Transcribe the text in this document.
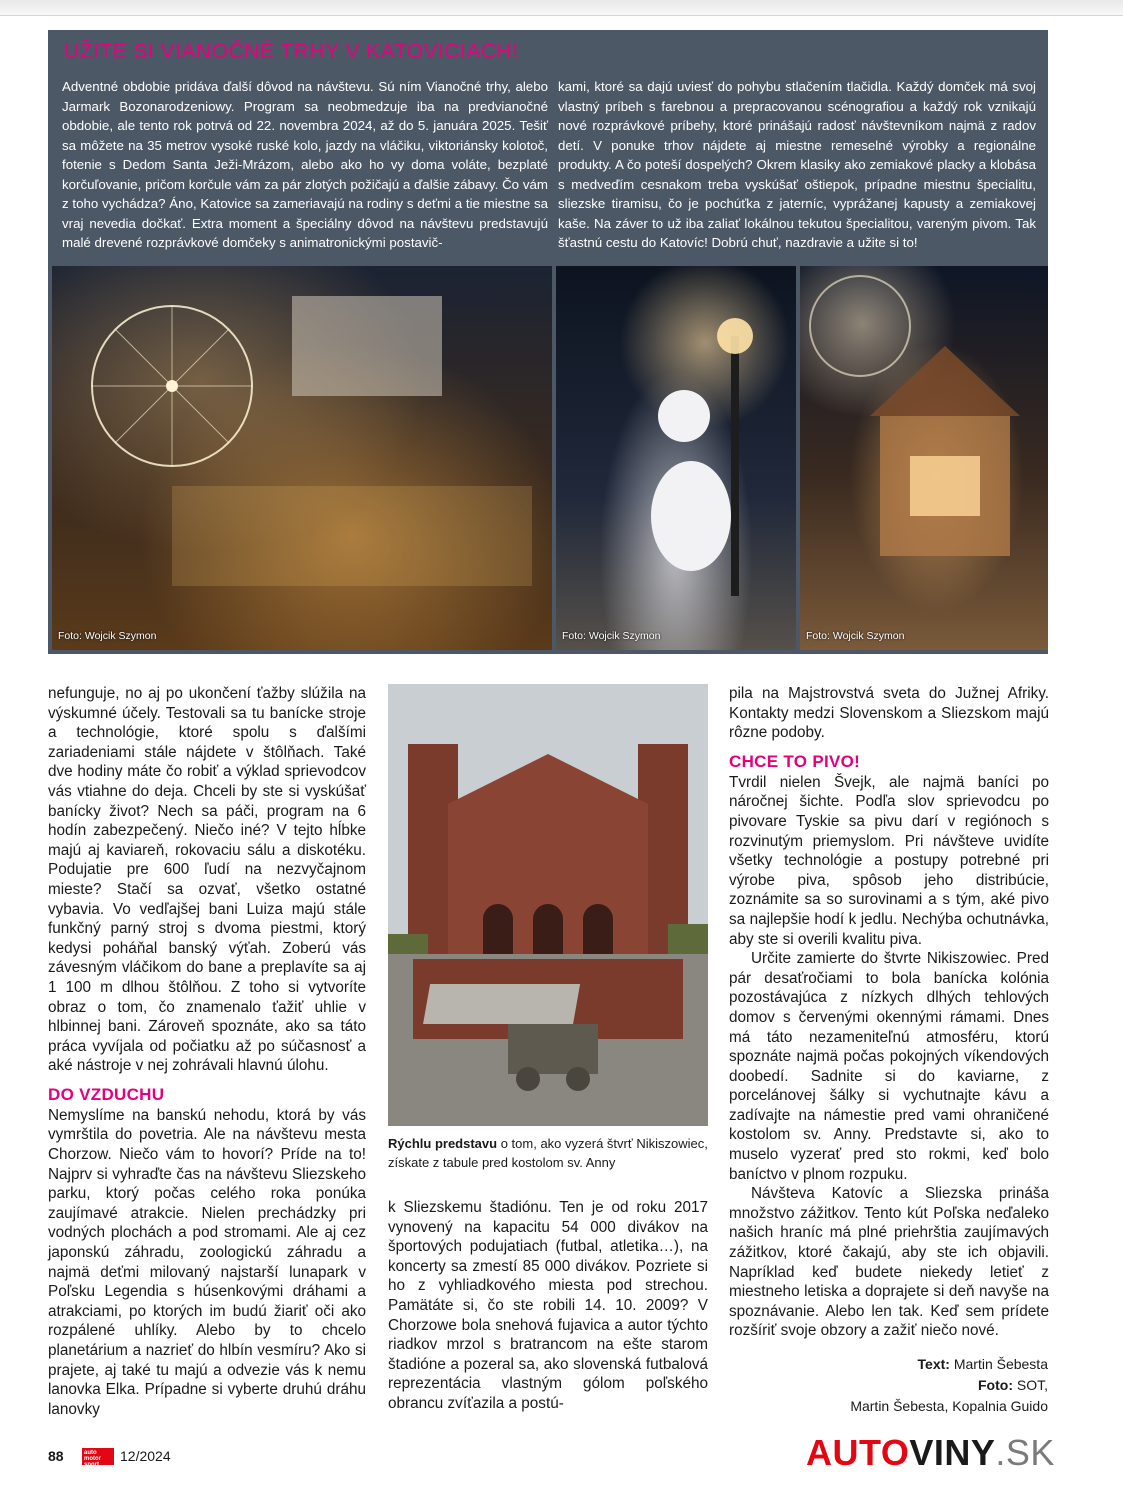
UŽITE SI VIANOČNÉ TRHY V KATOVICIACH!
Adventné obdobie pridáva ďalší dôvod na návštevu. Sú ním Vianočné trhy, alebo Jarmark Bozonarodzeniowy. Program sa neobmedzuje iba na predvianočné obdobie, ale tento rok potrvá od 22. novembra 2024, až do 5. januára 2025. Tešiť sa môžete na 35 metrov vysoké ruské kolo, jazdy na vláčiku, viktoriánsky kolotoč, fotenie s Dedom Santa Ježi-Mrázom, alebo ako ho vy doma voláte, bezplaté korčuľovanie, pričom korčule vám za pár zlotých požičajú a ďalšie zábavy. Čo vám z toho vychádza? Áno, Katovice sa zameriavajú na rodiny s deťmi a tie miestne sa vraj nevedia dočkať. Extra moment a špeciálny dôvod na návštevu predstavujú malé drevené rozprávkové domčeky s animatronickými postavič-
kami, ktoré sa dajú uviesť do pohybu stlačením tlačidla. Každý domček má svoj vlastný príbeh s farebnou a prepracovanou scénografiou a každý rok vznikajú nové rozprávkové príbehy, ktoré prinášajú radosť návštevníkom najmä z radov detí. V ponuke trhov nájdete aj miestne remeselné výrobky a regionálne produkty. A čo poteší dospelých? Okrem klasiky ako zemiakové placky a klobása s medveďím cesnakom treba vyskúšať oštiepok, prípadne miestnu špecialitu, sliezske tiramisu, čo je pochúťka z jaterníc, vyprážanej kapusty a zemiakovej kaše. Na záver to už iba zaliať lokálnou tekutou špecialitou, vareným pivom. Tak šťastnú cestu do Katovíc! Dobrú chuť, nazdravie a užite si to!
Foto: Wojcik Szymon	Foto: Wojcik Szymon	Foto: Wojcik Szymon

nefunguje, no aj po ukončení ťažby slúžila na výskumné účely. Testovali sa tu banícke stroje a technológie, ktoré spolu s ďalšími zariadeniami stále nájdete v štôlňach. Také dve hodiny máte čo robiť a výklad sprievodcov vás vtiahne do deja. Chceli by ste si vyskúšať banícky život? Nech sa páči, program na 6 hodín zabezpečený. Niečo iné? V tejto hĺbke majú aj kaviareň, rokovaciu sálu a diskotéku. Podujatie pre 600 ľudí na nezvyčajnom mieste? Stačí sa ozvať, všetko ostatné vybavia. Vo vedľajšej bani Luiza majú stále funkčný parný stroj s dvoma piestmi, ktorý kedysi poháňal banský výťah. Zoberú vás závesným vláčikom do bane a preplavíte sa aj 1 100 m dlhou štôlňou. Z toho si vytvoríte obraz o tom, čo znamenalo ťažiť uhlie v hlbinnej bani. Zároveň spoznáte, ako sa táto práca vyvíjala od počiatku až po súčasnosť a aké nástroje v nej zohrávali hlavnú úlohu.

DO VZDUCHU

Nemyslíme na banskú nehodu, ktorá by vás vymrštila do povetria. Ale na návštevu mesta Chorzow. Niečo vám to hovorí? Príde na to! Najprv si vyhraďte čas na návštevu Sliezskeho parku, ktorý počas celého roka ponúka zaujímavé atrakcie. Nielen prechádzky pri vodných plochách a pod stromami. Ale aj cez japonskú záhradu, zoologickú záhradu a najmä deťmi milovaný najstarší lunapark v Poľsku Legendia s húsenkovými dráhami a atrakciami, po ktorých im budú žiariť oči ako rozpálené uhlíky. Alebo by to chcelo planetárium a nazrieť do hlbín vesmíru? Ako si prajete, aj také tu majú a odvezie vás k nemu lanovka Elka. Prípadne si vyberte druhú dráhu lanovky

Rýchlu predstavu o tom, ako vyzerá štvrť Nikiszowiec, získate z tabule pred kostolom sv. Anny

k Sliezskemu štadiónu. Ten je od roku 2017 vynovený na kapacitu 54 000 divákov na športových podujatiach (futbal, atletika…), na koncerty sa zmestí 85 000 divákov. Pozriete si ho z vyhliadkového miesta pod strechou. Pamätáte si, čo ste robili 14. 10. 2009? V Chorzowe bola snehová fujavica a autor týchto riadkov mrzol s bratrancom na ešte starom štadióne a pozeral sa, ako slovenská futbalová reprezentácia vlastným gólom poľského obrancu zvíťazila a postú-

pila na Majstrovstvá sveta do Južnej Afriky. Kontakty medzi Slovenskom a Sliezskom majú rôzne podoby.

CHCE TO PIVO!

Tvrdil nielen Švejk, ale najmä baníci po náročnej šichte. Podľa slov sprievodcu po pivovare Tyskie sa pivu darí v regiónoch s rozvinutým priemyslom. Pri návšteve uvidíte všetky technológie a postupy potrebné pri výrobe piva, spôsob jeho distribúcie, zoznámite sa so surovinami a s tým, aké pivo sa najlepšie hodí k jedlu. Nechýba ochutnávka, aby ste si overili kvalitu piva.

Určite zamierte do štvrte Nikiszowiec. Pred pár desaťročiami to bola banícka kolónia pozostávajúca z nízkych dlhých tehlových domov s červenými okennými rámami. Dnes má táto nezameniteľnú atmosféru, ktorú spoznáte najmä počas pokojných víkendových doobedí. Sadnite si do kaviarne, z porcelánovej šálky si vychutnajte kávu a zadívajte na námestie pred vami ohraničené kostolom sv. Anny. Predstavte si, ako to muselo vyzerať pred sto rokmi, keď bolo baníctvo v plnom rozpuku.

Návšteva Katovíc a Sliezska prináša množstvo zážitkov. Tento kút Poľska neďaleko našich hraníc má plné priehrštia zaujímavých zážitkov, ktoré čakajú, aby ste ich objavili. Napríklad keď budete niekedy letieť z miestneho letiska a doprajete si deň navyše na spoznávanie. Alebo len tak. Keď sem prídete rozšíriť svoje obzory a zažiť niečo nové.

Text: Martin Šebesta
Foto: SOT,
Martin Šebesta, Kopalnia Guido
88	auto motor sport
12/2024	AUTOVINY.SK
